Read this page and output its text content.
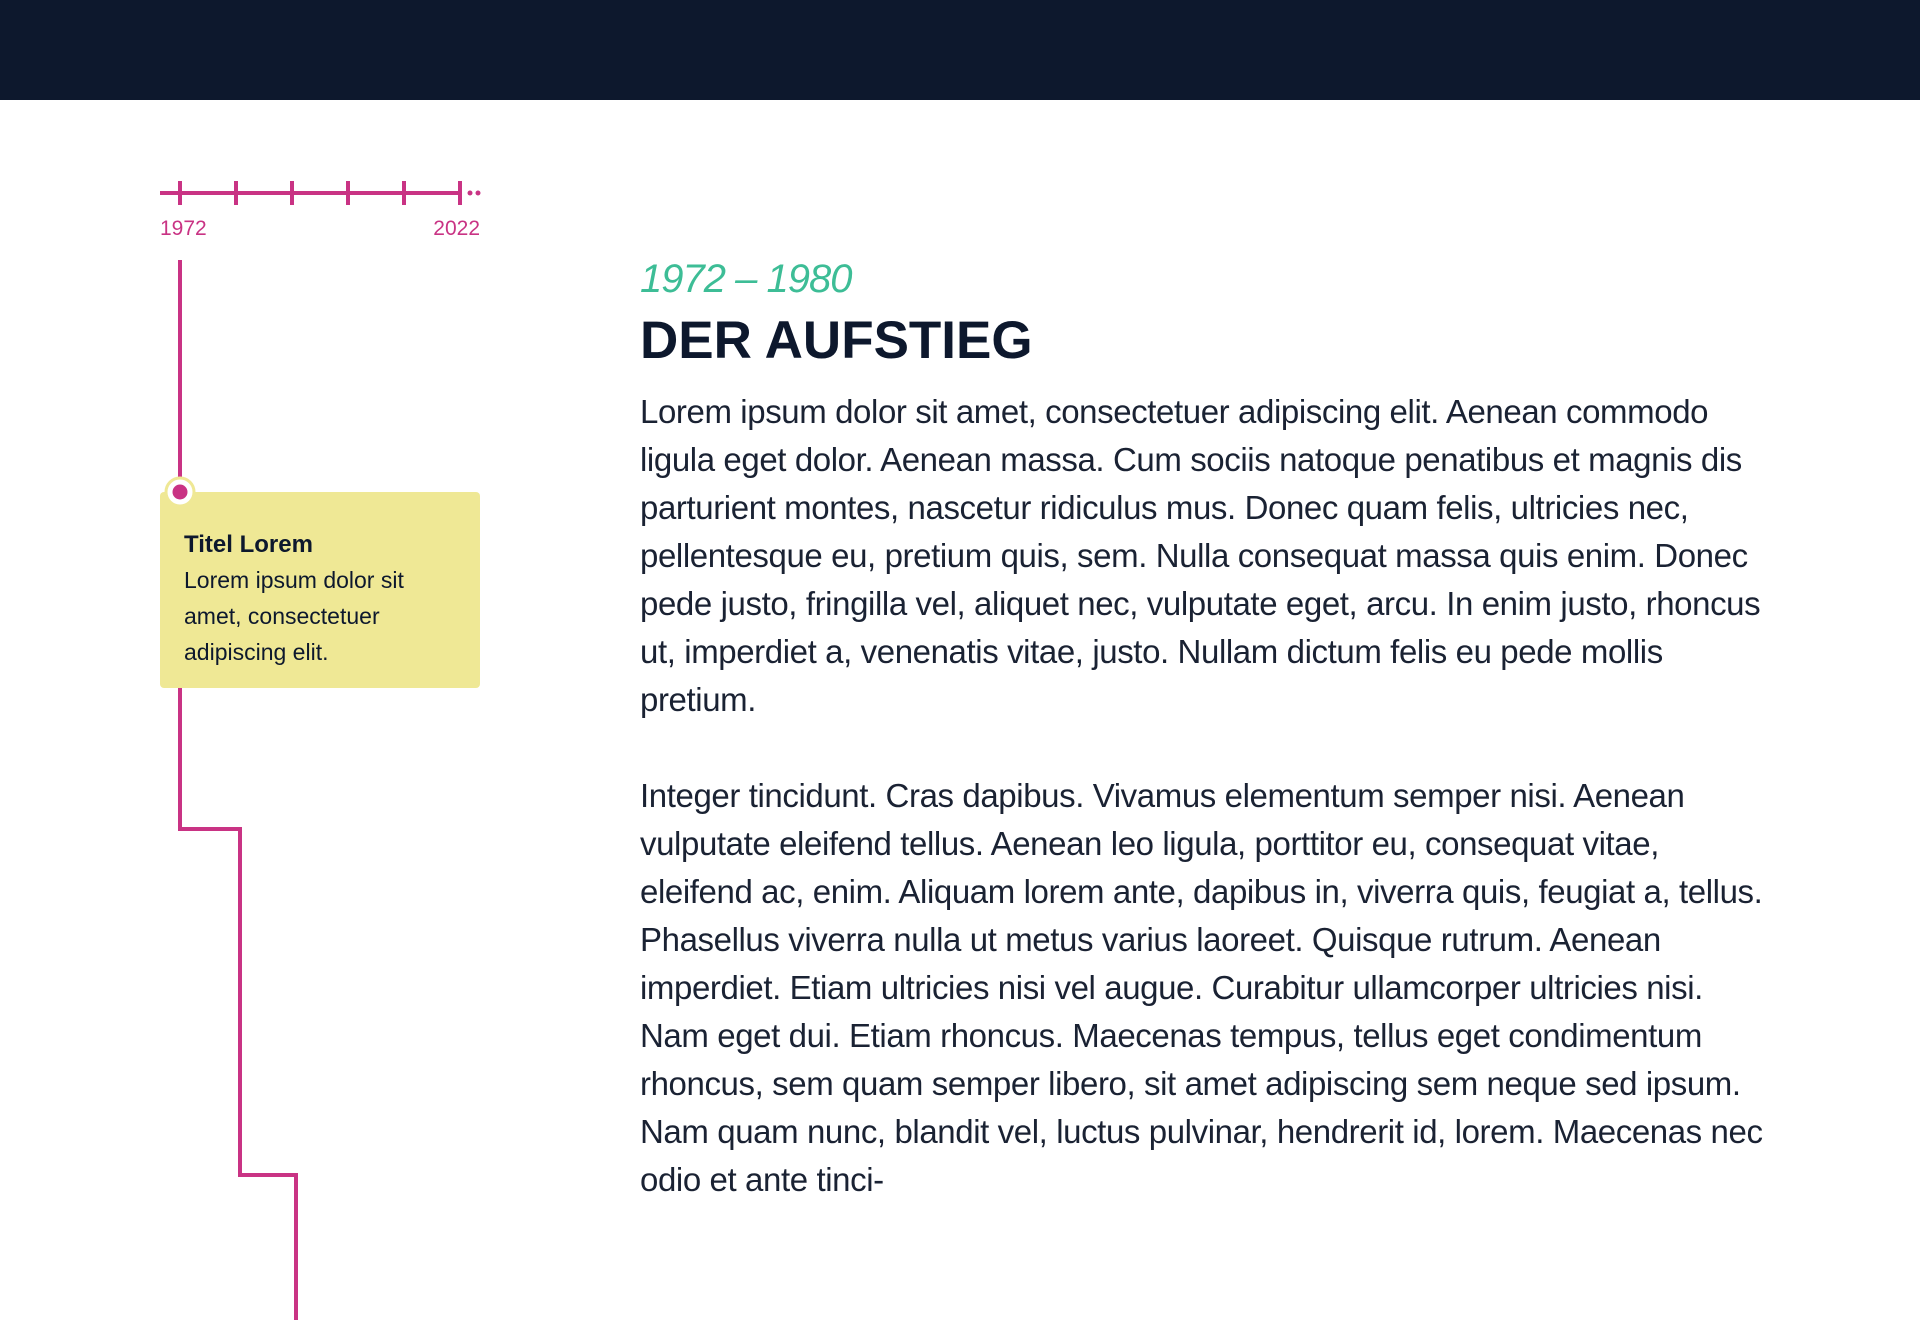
1972	2022
Titel Lorem
Lorem ipsum dolor sit amet, consectetuer adipiscing elit.

1972 – 1980

DER AUFSTIEG

Lorem ipsum dolor sit amet, consectetuer adipiscing elit. Aenean commodo ligula eget dolor. Aenean massa. Cum sociis natoque penatibus et magnis dis parturient montes, nascetur ridiculus mus. Donec quam felis, ultricies nec, pellentesque eu, pretium quis, sem. Nulla consequat massa quis enim. Donec pede justo, fringilla vel, aliquet nec, vulputate eget, arcu. In enim justo, rhoncus ut, imperdiet a, venenatis vitae, justo. Nullam dictum felis eu pede mollis pretium.

Integer tincidunt. Cras dapibus. Vivamus elementum semper nisi. Aenean vulputate eleifend tellus. Aenean leo ligula, porttitor eu, consequat vitae, eleifend ac, enim. Aliquam lorem ante, dapibus in, viverra quis, feugiat a, tellus. Phasellus viverra nulla ut metus varius laoreet. Quisque rutrum. Aenean imperdiet. Etiam ultricies nisi vel augue. Curabitur ullamcorper ultricies nisi. Nam eget dui. Etiam rhoncus. Maecenas tempus, tellus eget condimentum rhoncus, sem quam semper libero, sit amet adipiscing sem neque sed ipsum. Nam quam nunc, blandit vel, luctus pulvinar, hendrerit id, lorem. Maecenas nec odio et ante tinci-
